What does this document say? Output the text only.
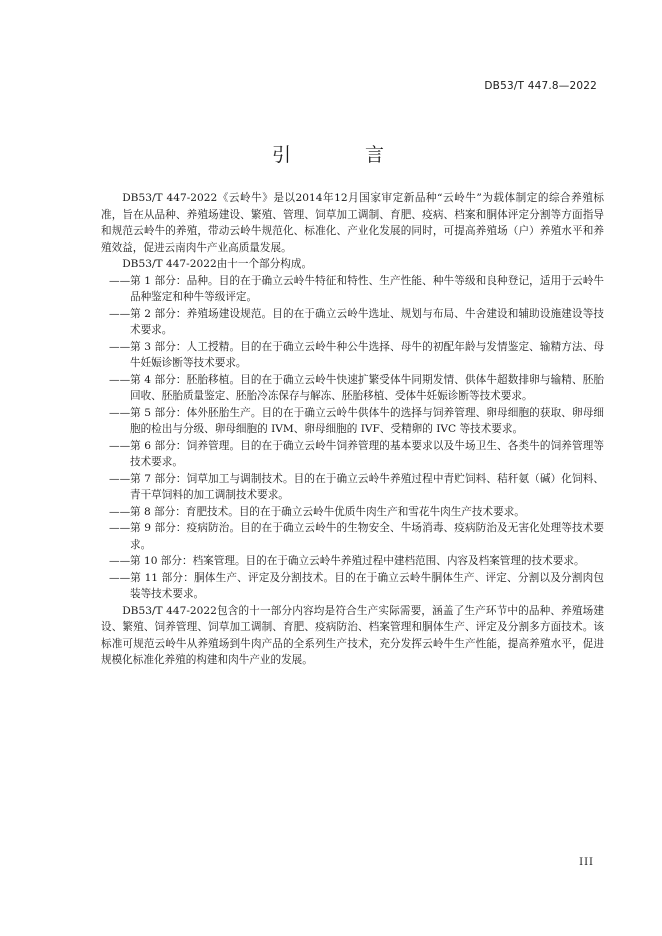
DB53/T 447.8—2022
引 言

DB53/T 447-2022《云岭牛》是以2014年12月国家审定新品种“云岭牛”为载体制定的综合养殖标准，旨在从品种、养殖场建设、繁殖、管理、饲草加工调制、育肥、疫病、档案和胴体评定分割等方面指导和规范云岭牛的养殖，带动云岭牛规范化、标准化、产业化发展的同时，可提高养殖场（户）养殖水平和养殖效益，促进云南肉牛产业高质量发展。

DB53/T 447-2022由十一个部分构成。

——第 1 部分：品种。目的在于确立云岭牛特征和特性、生产性能、种牛等级和良种登记，适用于云岭牛品种鉴定和种牛等级评定。
——第 2 部分：养殖场建设规范。目的在于确立云岭牛选址、规划与布局、牛舍建设和辅助设施建设等技术要求。
——第 3 部分：人工授精。目的在于确立云岭牛种公牛选择、母牛的初配年龄与发情鉴定、输精方法、母牛妊娠诊断等技术要求。
——第 4 部分：胚胎移植。目的在于确立云岭牛快速扩繁受体牛同期发情、供体牛超数排卵与输精、胚胎回收、胚胎质量鉴定、胚胎冷冻保存与解冻、胚胎移植、受体牛妊娠诊断等技术要求。
——第 5 部分：体外胚胎生产。目的在于确立云岭牛供体牛的选择与饲养管理、卵母细胞的获取、卵母细胞的检出与分级、卵母细胞的 IVM、卵母细胞的 IVF、受精卵的 IVC 等技术要求。
——第 6 部分：饲养管理。目的在于确立云岭牛饲养管理的基本要求以及牛场卫生、各类牛的饲养管理等技术要求。
——第 7 部分：饲草加工与调制技术。目的在于确立云岭牛养殖过程中青贮饲料、秸秆氨（碱）化饲料、青干草饲料的加工调制技术要求。
——第 8 部分：育肥技术。目的在于确立云岭牛优质牛肉生产和雪花牛肉生产技术要求。
——第 9 部分：疫病防治。目的在于确立云岭牛的生物安全、牛场消毒、疫病防治及无害化处理等技术要求。
——第 10 部分：档案管理。目的在于确立云岭牛养殖过程中建档范围、内容及档案管理的技术要求。
——第 11 部分：胴体生产、评定及分割技术。目的在于确立云岭牛胴体生产、评定、分割以及分割肉包装等技术要求。

DB53/T 447-2022包含的十一部分内容均是符合生产实际需要，涵盖了生产环节中的品种、养殖场建设、繁殖、饲养管理、饲草加工调制、育肥、疫病防治、档案管理和胴体生产、评定及分割多方面技术。该标准可规范云岭牛从养殖场到牛肉产品的全系列生产技术，充分发挥云岭牛生产性能，提高养殖水平，促进规模化标准化养殖的构建和肉牛产业的发展。

III
